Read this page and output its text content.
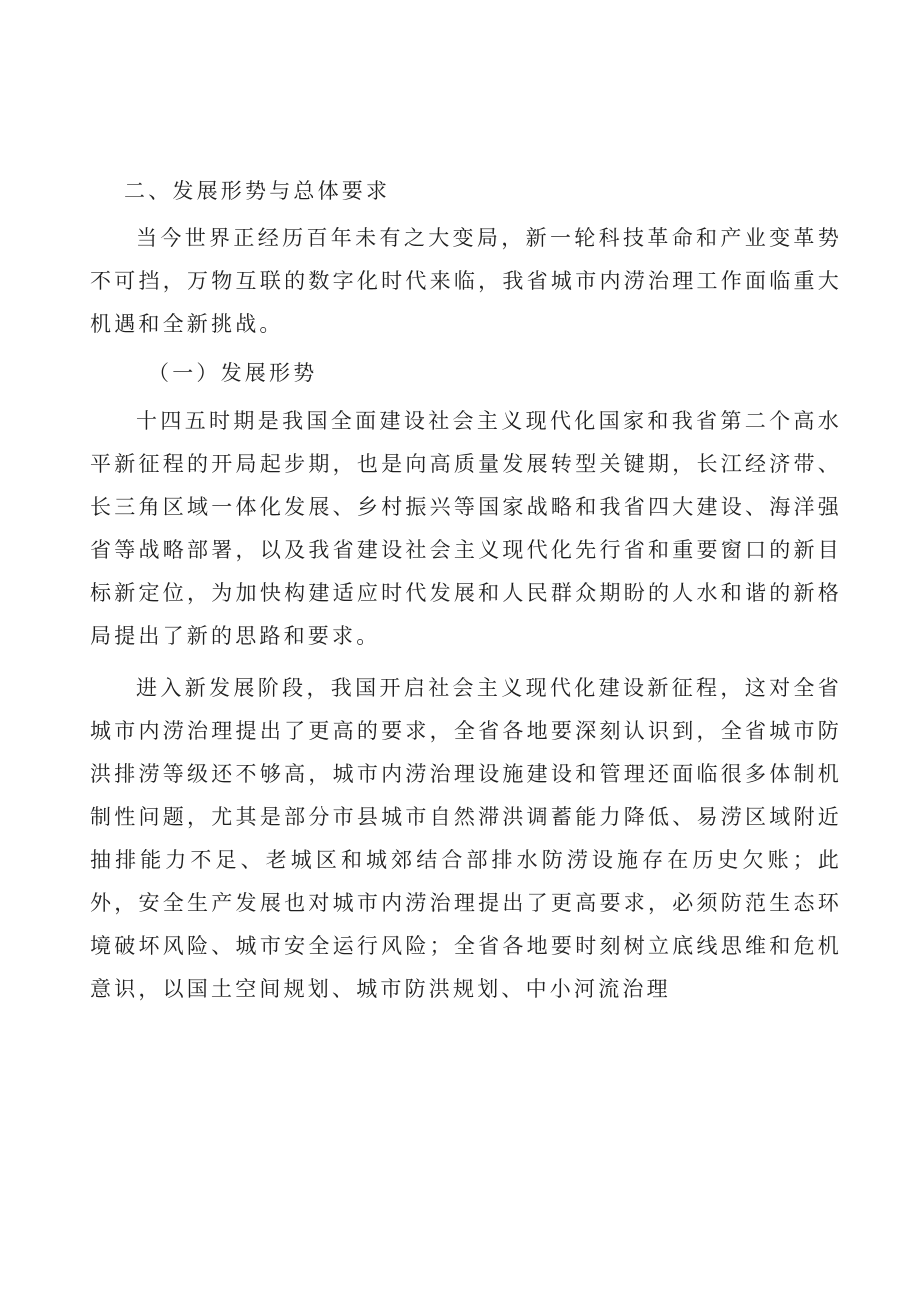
二、发展形势与总体要求

当今世界正经历百年未有之大变局，新一轮科技革命和产业变革势不可挡，万物互联的数字化时代来临，我省城市内涝治理工作面临重大机遇和全新挑战。

（一）发展形势

十四五时期是我国全面建设社会主义现代化国家和我省第二个高水平新征程的开局起步期，也是向高质量发展转型关键期，长江经济带、长三角区域一体化发展、乡村振兴等国家战略和我省四大建设、海洋强省等战略部署，以及我省建设社会主义现代化先行省和重要窗口的新目标新定位，为加快构建适应时代发展和人民群众期盼的人水和谐的新格局提出了新的思路和要求。

进入新发展阶段，我国开启社会主义现代化建设新征程，这对全省城市内涝治理提出了更高的要求，全省各地要深刻认识到，全省城市防洪排涝等级还不够高，城市内涝治理设施建设和管理还面临很多体制机制性问题，尤其是部分市县城市自然滞洪调蓄能力降低、易涝区域附近抽排能力不足、老城区和城郊结合部排水防涝设施存在历史欠账；此外，安全生产发展也对城市内涝治理提出了更高要求，必须防范生态环境破坏风险、城市安全运行风险；全省各地要时刻树立底线思维和危机意识，以国土空间规划、城市防洪规划、中小河流治理
